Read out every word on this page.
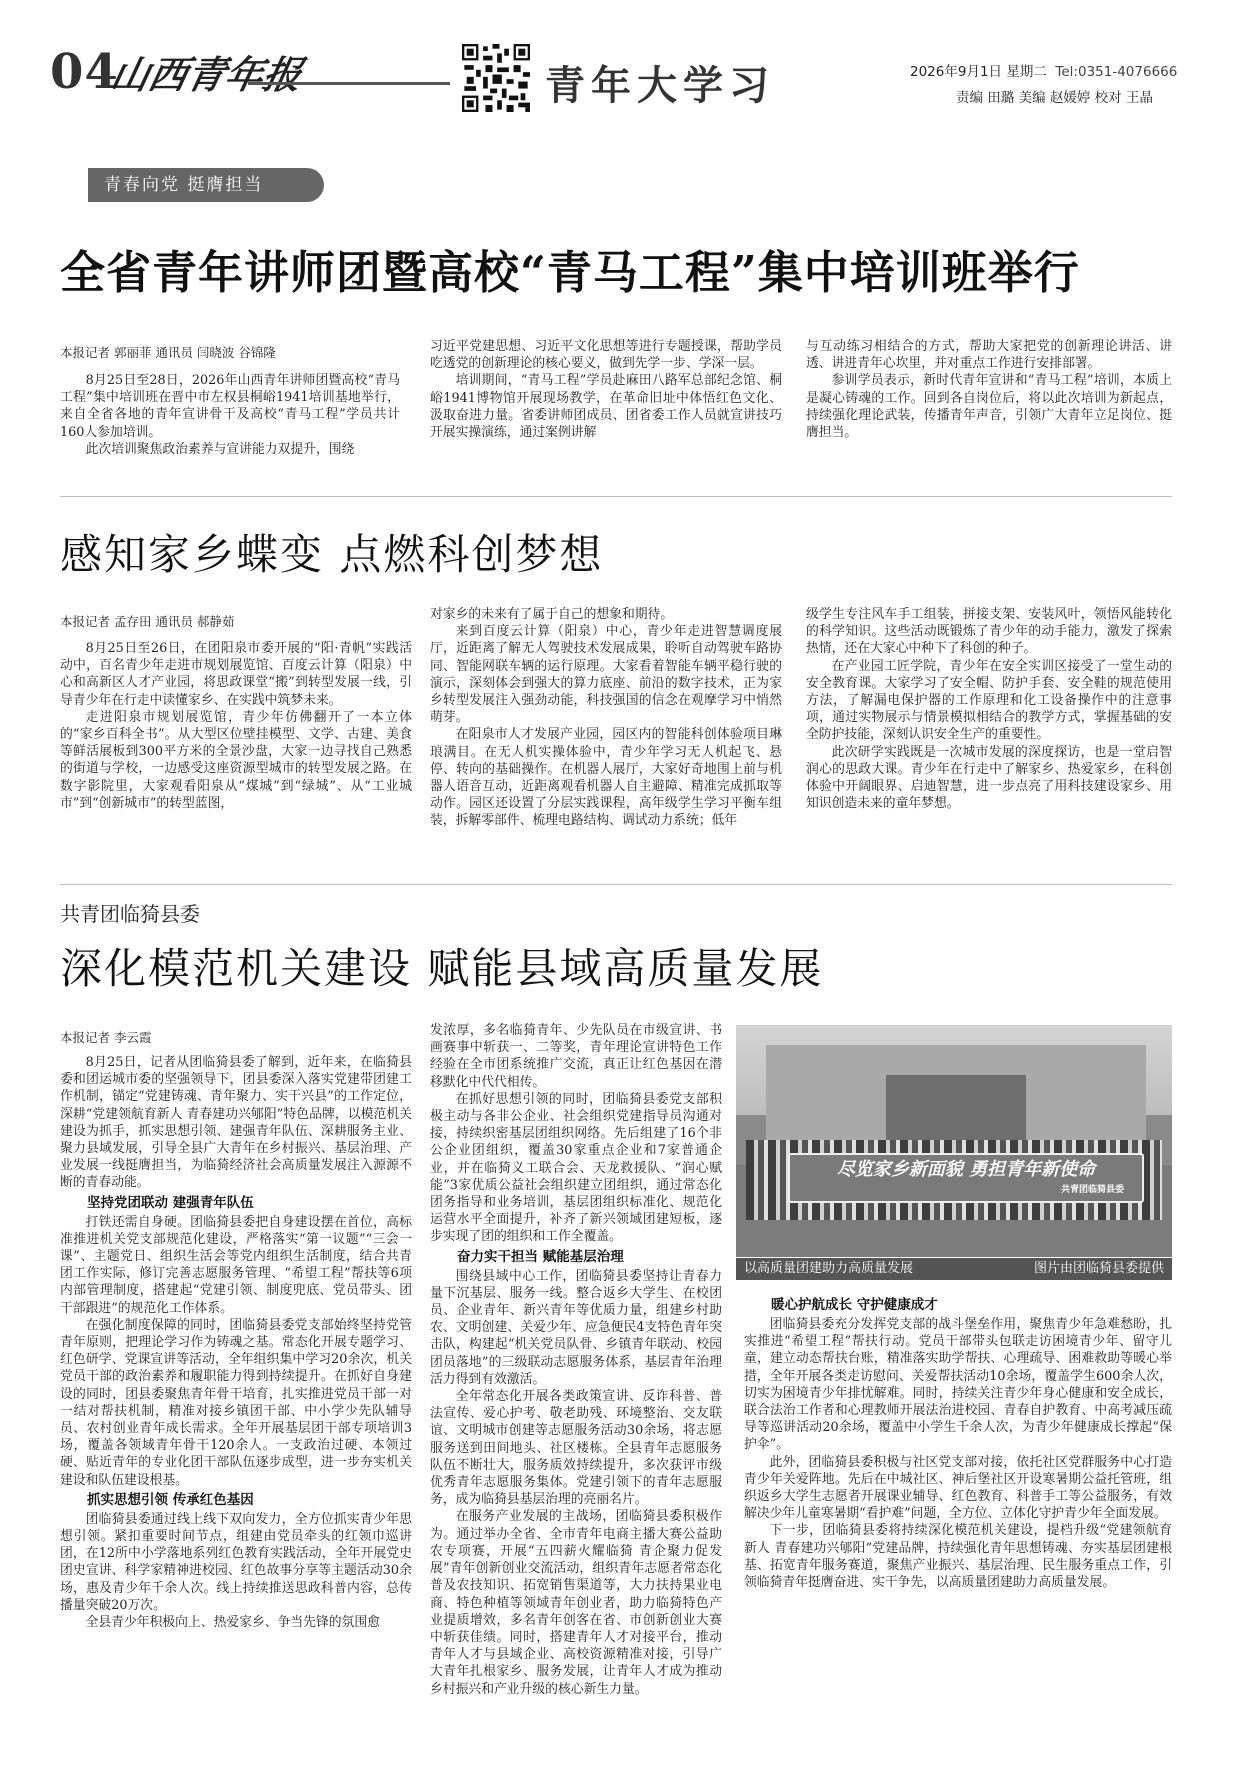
04
山西青年报	青年大学习	2026年9月1日 星期二 Tel:0351-4076666
责编 田璐 美编 赵媛婷 校对 王晶
青春向党 挺膺担当
全省青年讲师团暨高校“青马工程”集中培训班举行
本报记者 郭丽菲 通讯员 闫晓波 谷锦隆

8月25日至28日，2026年山西青年讲师团暨高校“青马工程”集中培训班在晋中市左权县桐峪1941培训基地举行，来自全省各地的青年宣讲骨干及高校“青马工程”学员共计160人参加培训。

此次培训聚焦政治素养与宣讲能力双提升，围绕

习近平党建思想、习近平文化思想等进行专题授课，帮助学员吃透党的创新理论的核心要义，做到先学一步、学深一层。

培训期间，“青马工程”学员赴麻田八路军总部纪念馆、桐峪1941博物馆开展现场教学，在革命旧址中体悟红色文化、汲取奋进力量。省委讲师团成员、团省委工作人员就宣讲技巧开展实操演练，通过案例讲解

与互动练习相结合的方式，帮助大家把党的创新理论讲活、讲透、讲进青年心坎里，并对重点工作进行安排部署。

参训学员表示，新时代青年宣讲和“青马工程”培训，本质上是凝心铸魂的工作。回到各自岗位后，将以此次培训为新起点，持续强化理论武装，传播青年声音，引领广大青年立足岗位、挺膺担当。

感知家乡蝶变 点燃科创梦想
本报记者 孟存田 通讯员 郝静茹

8月25日至26日，在团阳泉市委开展的“阳·青帆”实践活动中，百名青少年走进市规划展览馆、百度云计算（阳泉）中心和高新区人才产业园，将思政课堂“搬”到转型发展一线，引导青少年在行走中读懂家乡、在实践中筑梦未来。

走进阳泉市规划展览馆，青少年仿佛翻开了一本立体的“家乡百科全书”。从大型区位壁挂模型、文学、古建、美食等鲜活展板到300平方米的全景沙盘，大家一边寻找自己熟悉的街道与学校，一边感受这座资源型城市的转型发展之路。在数字影院里，大家观看阳泉从“煤城”到“绿城”、从“工业城市”到“创新城市”的转型蓝图，

对家乡的未来有了属于自己的想象和期待。

来到百度云计算（阳泉）中心，青少年走进智慧调度展厅，近距离了解无人驾驶技术发展成果，聆听自动驾驶车路协同、智能网联车辆的运行原理。大家看着智能车辆平稳行驶的演示，深刻体会到强大的算力底座、前沿的数字技术，正为家乡转型发展注入强劲动能，科技强国的信念在观摩学习中悄然萌芽。

在阳泉市人才发展产业园，园区内的智能科创体验项目琳琅满目。在无人机实操体验中，青少年学习无人机起飞、悬停、转向的基础操作。在机器人展厅，大家好奇地围上前与机器人语音互动，近距离观看机器人自主避障、精准完成抓取等动作。园区还设置了分层实践课程，高年级学生学习平衡车组装，拆解零部件、梳理电路结构、调试动力系统；低年

级学生专注风车手工组装，拼接支架、安装风叶，领悟风能转化的科学知识。这些活动既锻炼了青少年的动手能力，激发了探索热情，还在大家心中种下了科创的种子。

在产业园工匠学院，青少年在安全实训区接受了一堂生动的安全教育课。大家学习了安全帽、防护手套、安全鞋的规范使用方法，了解漏电保护器的工作原理和化工设备操作中的注意事项，通过实物展示与情景模拟相结合的教学方式，掌握基础的安全防护技能，深刻认识安全生产的重要性。

此次研学实践既是一次城市发展的深度探访，也是一堂启智润心的思政大课。青少年在行走中了解家乡、热爱家乡，在科创体验中开阔眼界、启迪智慧，进一步点亮了用科技建设家乡、用知识创造未来的童年梦想。

共青团临猗县委
深化模范机关建设 赋能县域高质量发展
本报记者 李云霞

8月25日，记者从团临猗县委了解到，近年来，在临猗县委和团运城市委的坚强领导下，团县委深入落实党建带团建工作机制，锚定“党建铸魂、青年聚力、实干兴县”的工作定位，深耕“党建领航育新人 青春建功兴郇阳”特色品牌，以模范机关建设为抓手，抓实思想引领、建强青年队伍、深耕服务主业、聚力县域发展，引导全县广大青年在乡村振兴、基层治理、产业发展一线挺膺担当，为临猗经济社会高质量发展注入源源不断的青春动能。

坚持党团联动 建强青年队伍

打铁还需自身硬。团临猗县委把自身建设摆在首位，高标准推进机关党支部规范化建设，严格落实“第一议题”“三会一课”、主题党日、组织生活会等党内组织生活制度，结合共青团工作实际，修订完善志愿服务管理、“希望工程”帮扶等6项内部管理制度，搭建起“党建引领、制度兜底、党员带头、团干部跟进”的规范化工作体系。

在强化制度保障的同时，团临猗县委党支部始终坚持党管青年原则，把理论学习作为铸魂之基。常态化开展专题学习、红色研学、党课宣讲等活动，全年组织集中学习20余次，机关党员干部的政治素养和履职能力得到持续提升。在抓好自身建设的同时，团县委聚焦青年骨干培育，扎实推进党员干部一对一结对帮扶机制，精准对接乡镇团干部、中小学少先队辅导员、农村创业青年成长需求。全年开展基层团干部专项培训3场，覆盖各领域青年骨干120余人。一支政治过硬、本领过硬、贴近青年的专业化团干部队伍逐步成型，进一步夯实机关建设和队伍建设根基。

抓实思想引领 传承红色基因

团临猗县委通过线上线下双向发力，全方位抓实青少年思想引领。紧扣重要时间节点，组建由党员牵头的红领巾巡讲团，在12所中小学落地系列红色教育实践活动，全年开展党史团史宣讲、科学家精神进校园、红色故事分享等主题活动30余场，惠及青少年千余人次。线上持续推送思政科普内容，总传播量突破20万次。

全县青少年积极向上、热爱家乡、争当先锋的氛围愈

发浓厚，多名临猗青年、少先队员在市级宣讲、书画赛事中斩获一、二等奖，青年理论宣讲特色工作经验在全市团系统推广交流，真正让红色基因在潜移默化中代代相传。

在抓好思想引领的同时，团临猗县委党支部积极主动与各非公企业、社会组织党建指导员沟通对接，持续织密基层团组织网络。先后组建了16个非公企业团组织，覆盖30家重点企业和7家普通企业，并在临猗义工联合会、天龙救援队、“润心赋能”3家优质公益社会组织建立团组织，通过常态化团务指导和业务培训，基层团组织标准化、规范化运营水平全面提升，补齐了新兴领域团建短板，逐步实现了团的组织和工作全覆盖。

奋力实干担当 赋能基层治理

围绕县域中心工作，团临猗县委坚持让青春力量下沉基层、服务一线。整合返乡大学生、在校团员、企业青年、新兴青年等优质力量，组建乡村助农、文明创建、关爱少年、应急便民4支特色青年突击队，构建起“机关党员队骨、乡镇青年联动、校园团员落地”的三级联动志愿服务体系，基层青年治理活力得到有效激活。

全年常态化开展各类政策宣讲、反诈科普、普法宣传、爱心护考、敬老助残、环境整治、交友联谊、文明城市创建等志愿服务活动30余场，将志愿服务送到田间地头、社区楼栋。全县青年志愿服务队伍不断壮大，服务质效持续提升，多次获评市级优秀青年志愿服务集体。党建引领下的青年志愿服务，成为临猗县基层治理的亮丽名片。

在服务产业发展的主战场，团临猗县委积极作为。通过举办全省、全市青年电商主播大赛公益助农专项赛，开展“五四薪火耀临猗 青企聚力促发展”青年创新创业交流活动，组织青年志愿者常态化普及农技知识、拓宽销售渠道等，大力扶持果业电商、特色种植等领域青年创业者，助力临猗特色产业提质增效，多名青年创客在省、市创新创业大赛中斩获佳绩。同时，搭建青年人才对接平台，推动青年人才与县域企业、高校资源精准对接，引导广大青年扎根家乡、服务发展，让青年人才成为推动乡村振兴和产业升级的核心新生力量。

尽览家乡新面貌 勇担青年新使命
共青团临猗县委
以高质量团建助力高质量发展	图片由团临猗县委提供

暖心护航成长 守护健康成才

团临猗县委充分发挥党支部的战斗堡垒作用，聚焦青少年急难愁盼，扎实推进“希望工程”帮扶行动。党员干部带头包联走访困境青少年、留守儿童，建立动态帮扶台账，精准落实助学帮扶、心理疏导、困难救助等暖心举措，全年开展各类走访慰问、关爱帮扶活动10余场，覆盖学生600余人次，切实为困境青少年排忧解难。同时，持续关注青少年身心健康和安全成长，联合法治工作者和心理教师开展法治进校园、青春自护教育、中高考减压疏导等巡讲活动20余场，覆盖中小学生千余人次，为青少年健康成长撑起“保护伞”。

此外，团临猗县委积极与社区党支部对接，依托社区党群服务中心打造青少年关爱阵地。先后在中城社区、神后堡社区开设寒暑期公益托管班，组织返乡大学生志愿者开展课业辅导、红色教育、科普手工等公益服务，有效解决少年儿童寒暑期“看护难”问题，全方位、立体化守护青少年全面发展。

下一步，团临猗县委将持续深化模范机关建设，提档升级“党建领航育新人 青春建功兴郇阳”党建品牌，持续强化青年思想铸魂、夯实基层团建根基、拓宽青年服务赛道，聚焦产业振兴、基层治理、民生服务重点工作，引领临猗青年挺膺奋进、实干争先，以高质量团建助力高质量发展。
